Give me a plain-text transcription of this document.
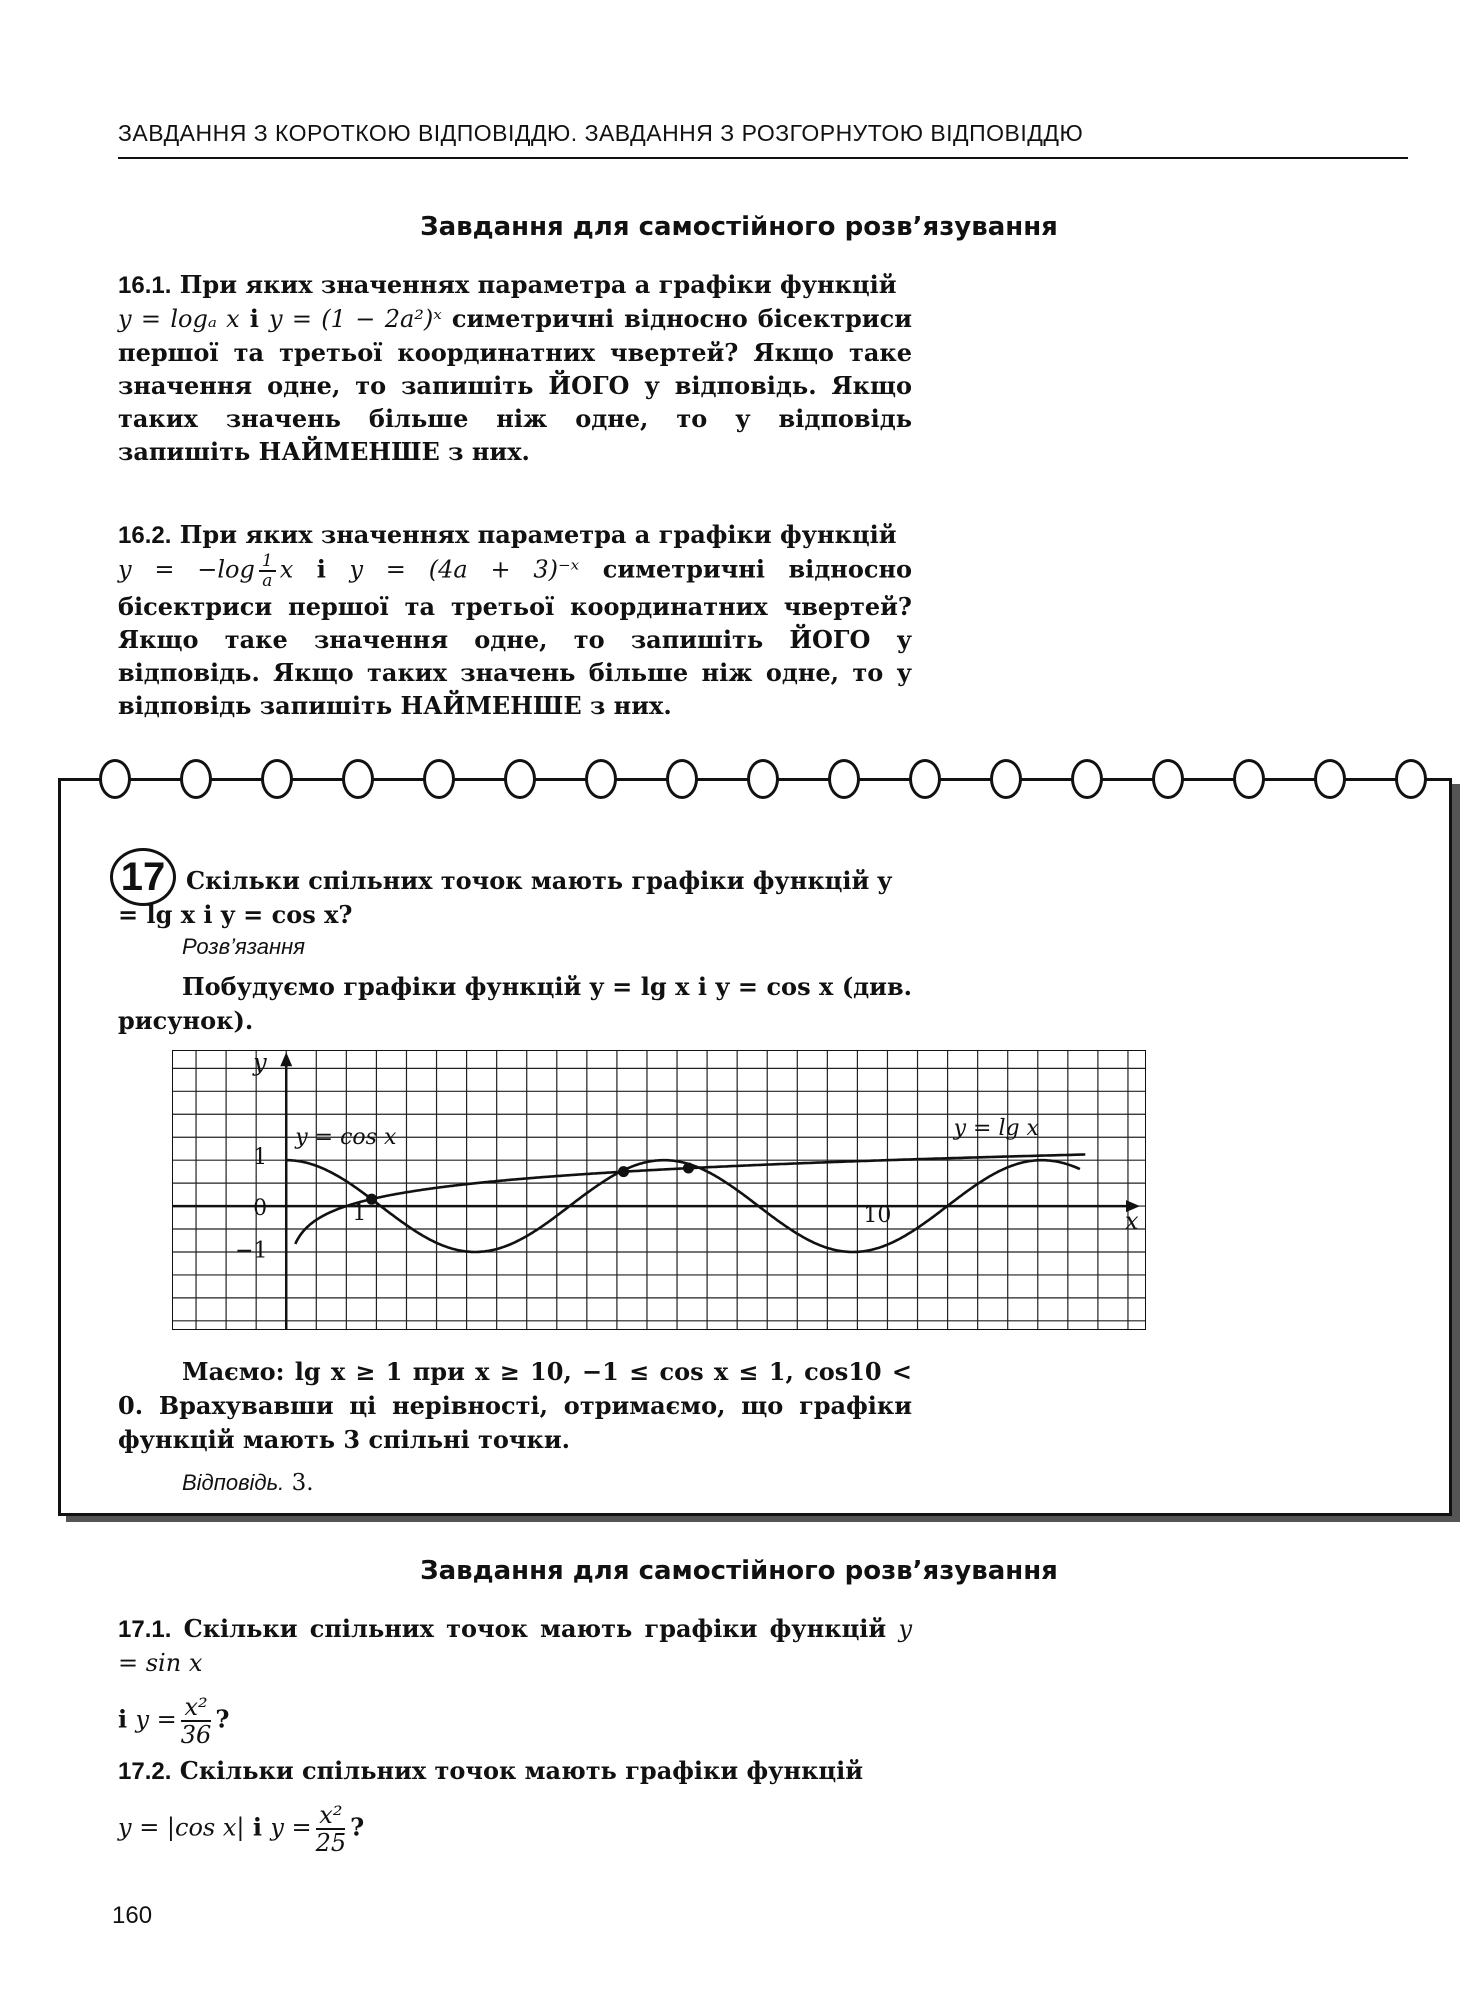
ЗАВДАННЯ З КОРОТКОЮ ВІДПОВІДДЮ. ЗАВДАННЯ З РОЗГОРНУТОЮ ВІДПОВІДДЮ
Завдання для самостійного розв’язування
16.1. При яких значеннях параметра a графіки функцій
y = logₐ x і y = (1 − 2a²)ˣ симетричні відносно бісектриси першої та третьої координатних чвертей? Якщо таке значення одне, то запишіть ЙОГО у відповідь. Якщо таких значень більше ніж одне, то у відповідь запишіть НАЙМЕНШЕ з них.
16.2. При яких значеннях параметра a графіки функцій
$y = -\log \frac{1}{a}$ x і y = (4a + 3)⁻ˣ симетричні відносно бісектриси першої та третьої координатних чвертей? Якщо таке значення одне, то запишіть ЙОГО у відповідь. Якщо таких значень більше ніж одне, то у відповідь запишіть НАЙМЕНШЕ з них.
17 Скільки спільних точок мають графіки функцій y = lg x і y = cos x?
Розв’язання
Побудуємо графіки функцій y = lg x і y = cos x (див. рисунок).
y
x
0	1	10
1
−1
y = cos x	y = lg x
Маємо: lg x ≥ 1 при x ≥ 10, −1 ≤ cos x ≤ 1, cos10 < 0. Врахувавши ці нерівності, отримаємо, що графіки функцій мають 3 спільні точки.
Відповідь. 3.
Завдання для самостійного розв’язування
17.1. Скільки спільних точок мають графіки функцій y = sin x
і $y = \frac{\text{x²}}{36}$ ?
17.2. Скільки спільних точок мають графіки функцій
y = |cos x| і $y = \frac{\text{x²}}{25}$ ?
160
